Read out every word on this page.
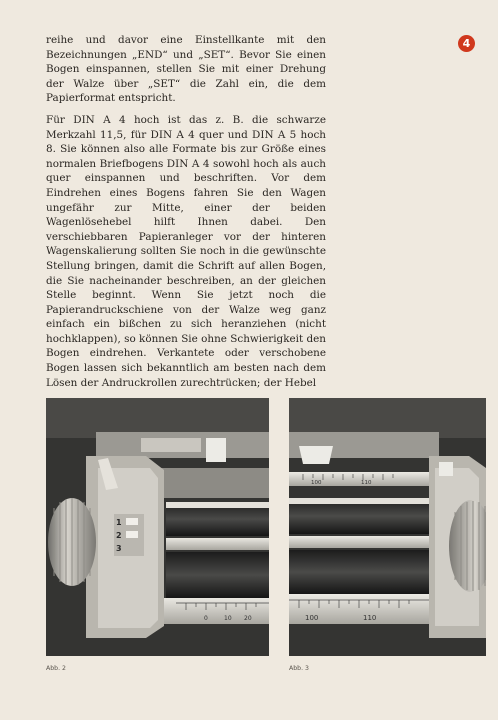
4

reihe und davor eine Einstellkante mit den Bezeichnungen „END“ und „SET“. Bevor Sie einen Bogen einspannen, stellen Sie mit einer Drehung der Walze über „SET“ die Zahl ein, die dem Papierformat entspricht.

Für DIN A 4 hoch ist das z. B. die schwarze Merkzahl 11,5, für DIN A 4 quer und DIN A 5 hoch 8. Sie können also alle Formate bis zur Größe eines normalen Briefbogens DIN A 4 sowohl hoch als auch quer einspannen und beschriften. Vor dem Eindrehen eines Bogens fahren Sie den Wagen ungefähr zur Mitte, einer der beiden Wagenlösehebel hilft Ihnen dabei. Den verschiebbaren Papieranleger vor der hinteren Wagenskalierung sollten Sie noch in die gewünschte Stellung bringen, damit die Schrift auf allen Bogen, die Sie nacheinander beschreiben, an der gleichen Stelle beginnt. Wenn Sie jetzt noch die Papierandruckschiene von der Walze weg ganz einfach ein bißchen zu sich heranziehen (nicht hochklappen), so können Sie ohne Schwierigkeit den Bogen eindrehen. Verkantete oder verschobene Bogen lassen sich bekanntlich am besten nach dem Lösen der Andruckrollen zurechtrücken; der Hebel

0	10 20
1
2
3
100	110
100	110
Abb. 2	Abb. 3
